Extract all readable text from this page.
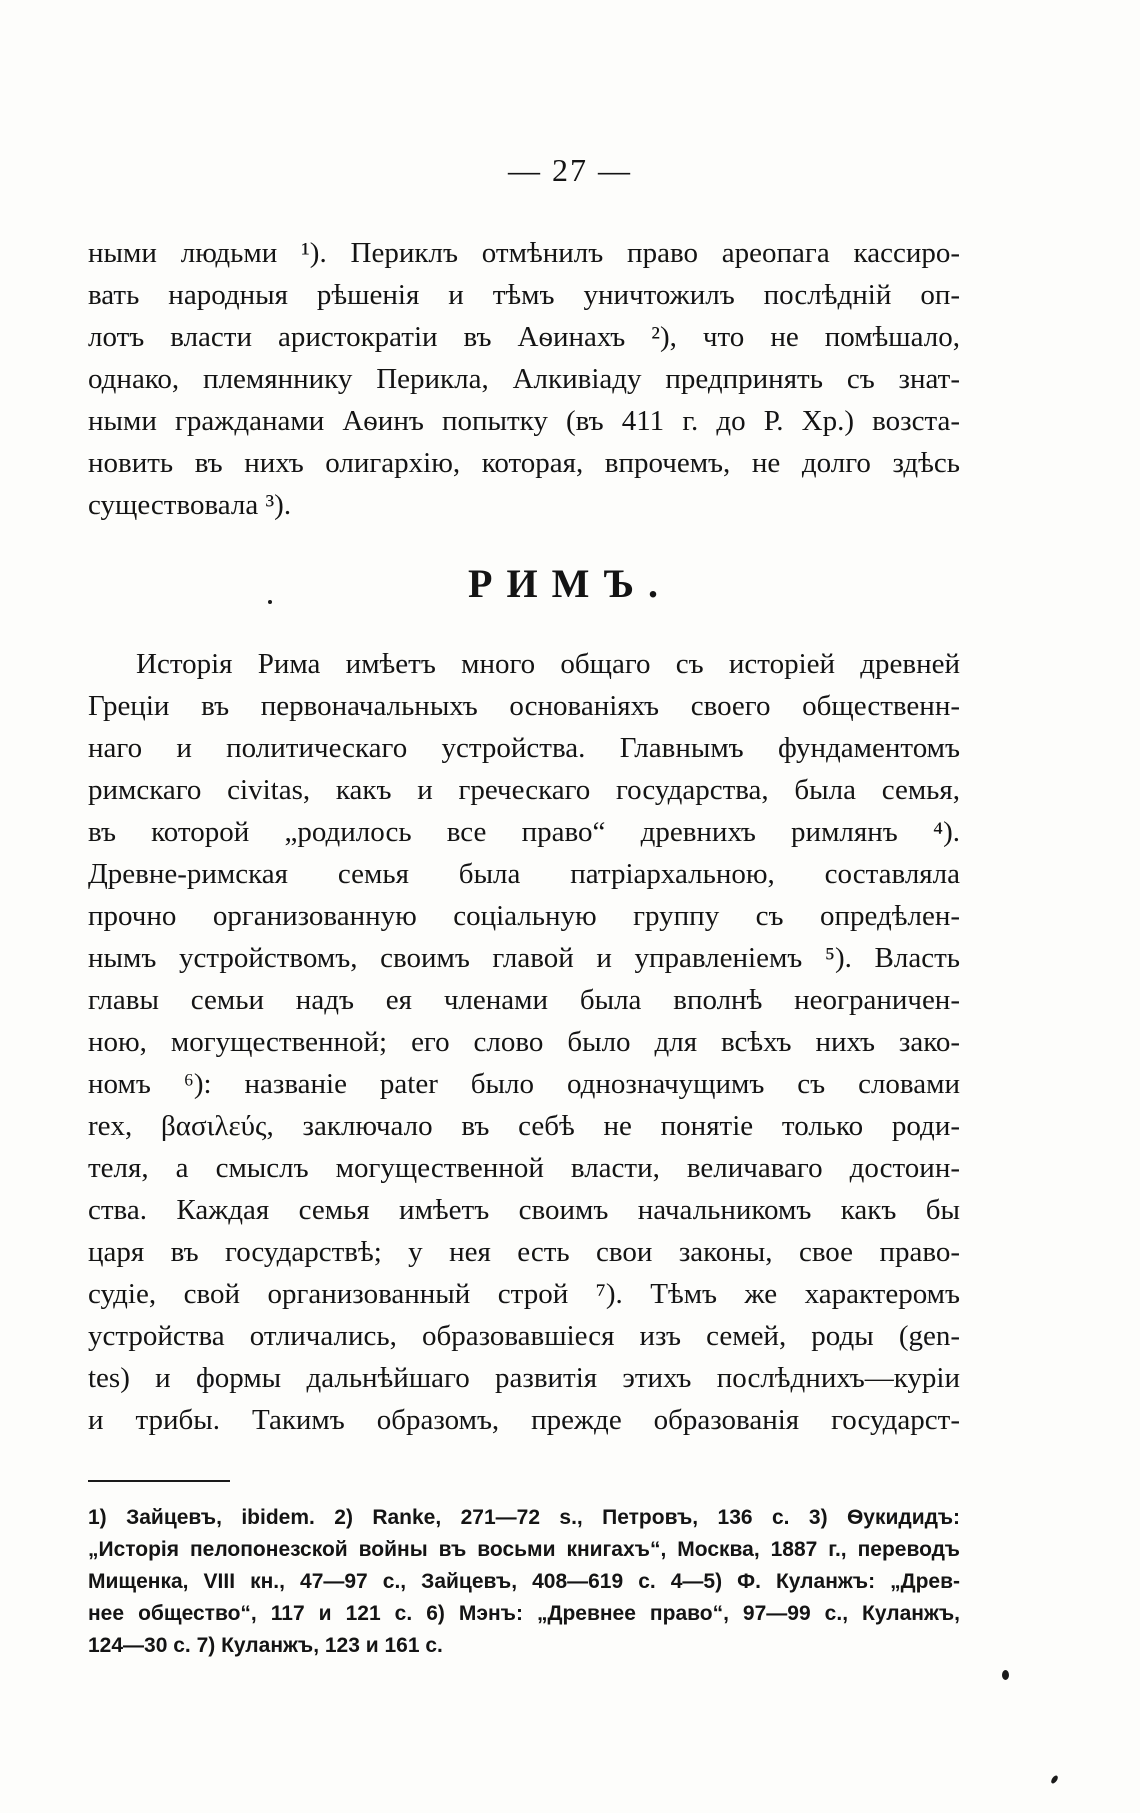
— 27 —
ными людьми ¹). Периклъ отмѣнилъ право ареопага кассиро-
вать народныя рѣшенія и тѣмъ уничтожилъ послѣдній оп-
лотъ власти аристократіи въ Аѳинахъ ²), что не помѣшало,
однако, племяннику Перикла, Алкивіаду предпринять съ знат-
ными гражданами Аѳинъ попытку (въ 411 г. до Р. Хр.) возста-
новить въ нихъ олигархію, которая, впрочемъ, не долго здѣсь
существовала ³).
РИМЪ.
Исторія Рима имѣетъ много общаго съ исторіей древней
Греціи въ первоначальныхъ основаніяхъ своего общественн-
наго и политическаго устройства. Главнымъ фундаментомъ
римскаго civitas, какъ и греческаго государства, была семья,
въ которой „родилось все право“ древнихъ римлянъ ⁴).
Древне-римская семья была патріархальною, составляла
прочно организованную соціальную группу съ опредѣлен-
нымъ устройствомъ, своимъ главой и управленіемъ ⁵). Власть
главы семьи надъ ея членами была вполнѣ неограничен-
ною, могущественной; его слово было для всѣхъ нихъ зако-
номъ ⁶): названіе pater было однозначущимъ съ словами
rex, βασιλεύς, заключало въ себѣ не понятіе только роди-
теля, а смыслъ могущественной власти, величаваго достоин-
ства. Каждая семья имѣетъ своимъ начальникомъ какъ бы
царя въ государствѣ; у нея есть свои законы, свое право-
судіе, свой организованный строй ⁷). Тѣмъ же характеромъ
устройства отличались, образовавшіеся изъ семей, роды (gen-
tes) и формы дальнѣйшаго развитія этихъ послѣднихъ—куріи
и трибы. Такимъ образомъ, прежде образованія государст-
1) Зайцевъ, ibidem. 2) Ranke, 271—72 s., Петровъ, 136 с. 3) Ѳукидидъ:
„Исторія пелопонезской войны въ восьми книгахъ“, Москва, 1887 г., переводъ
Мищенка, VIII кн., 47—97 с., Зайцевъ, 408—619 с. 4—5) Ф. Куланжъ: „Древ-
нее общество“, 117 и 121 с. 6) Мэнъ: „Древнее право“, 97—99 с., Куланжъ,
124—30 с. 7) Куланжъ, 123 и 161 с.
